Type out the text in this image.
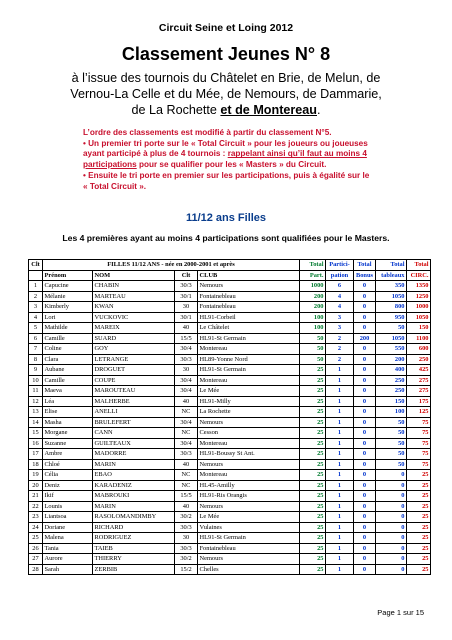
Circuit Seine et Loing 2012
Classement Jeunes N° 8
à l’issue des tournois du Châtelet en Brie, de Melun, de
Vernou-La Celle et du Mée, de Nemours, de Dammarie,
de La Rochette et de Montereau.
L’ordre des classements est modifié à partir du classement N°5.
• Un premier tri porte sur le « Total Circuit » pour les joueurs ou joueuses
ayant participé à plus de 4 tournois : rappelant ainsi qu’il faut au moins 4
participations pour se qualifier pour les « Masters » du Circuit.
• Ensuite le tri porte en premier sur les participations, puis à égalité sur le
« Total Circuit ».
11/12 ans Filles
Les 4 premières ayant au moins 4 participations sont qualifiées pour le Masters.
Clt	FILLES 11/12 ANS - née en 2000-2001 et après				Total	Partici-	Total	Total	Total
	Prénom	NOM	Clt	CLUB	Part.	pation	Bonus	tableaux	CIRC.
1	Capucine	CHABIN	30/3	Nemours	1000	6	0	350	1350
2	Mélanie	MARTEAU	30/1	Fontainebleau	200	4	0	1050	1250
3	Kimberly	KWAN	30	Fontainebleau	200	4	0	800	1000
4	Lori	VUCKOVIC	30/1	HL91-Corbeil	100	3	0	950	1050
5	Mathilde	MAREIX	40	Le Châtelet	100	3	0	50	150
6	Camille	SUARD	15/5	HL91-St Germain	50	2	200	1050	1100
7	Coline	GOY	30/4	Montereau	50	2	0	550	600
8	Clara	LETRANGE	30/3	HL89-Yonne Nord	50	2	0	200	250
9	Aubane	DROGUET	30	HL91-St Germain	25	1	0	400	425
10	Camille	COUPE	30/4	Montereau	25	1	0	250	275
11	Maeva	MAROUTEAU	30/4	Le Mée	25	1	0	250	275
12	Léa	MALHERBE	40	HL91-Milly	25	1	0	150	175
13	Elise	ANELLI	NC	La Rochette	25	1	0	100	125
14	Masha	BRULEFERT	30/4	Nemours	25	1	0	50	75
15	Morgane	CANN	NC	Cesson	25	1	0	50	75
16	Suzanne	GUILTEAUX	30/4	Montereau	25	1	0	50	75
17	Ambre	MADORRE	30/3	HL91-Boussy St Ant.	25	1	0	50	75
18	Chloé	MARIN	40	Nemours	25	1	0	50	75
19	Célia	EBAO	NC	Montereau	25	1	0	0	25
20	Deniz	KARADENIZ	NC	HL45-Amilly	25	1	0	0	25
21	Ikif	MABROUKI	15/5	HL91-Ris Orangis	25	1	0	0	25
22	Lounis	MARIN	40	Nemours	25	1	0	0	25
23	Liantsoa	RASOLOMANDIMBY	30/2	Le Mée	25	1	0	0	25
24	Doriane	RICHARD	30/3	Vulaines	25	1	0	0	25
25	Malena	RODRIGUEZ	30	HL91-St Germain	25	1	0	0	25
26	Tania	TAIEB	30/3	Fontainebleau	25	1	0	0	25
27	Aurore	THIERRY	30/2	Nemours	25	1	0	0	25
28	Sarah	ZERBIB	15/2	Chelles	25	1	0	0	25
Page 1 sur 15
